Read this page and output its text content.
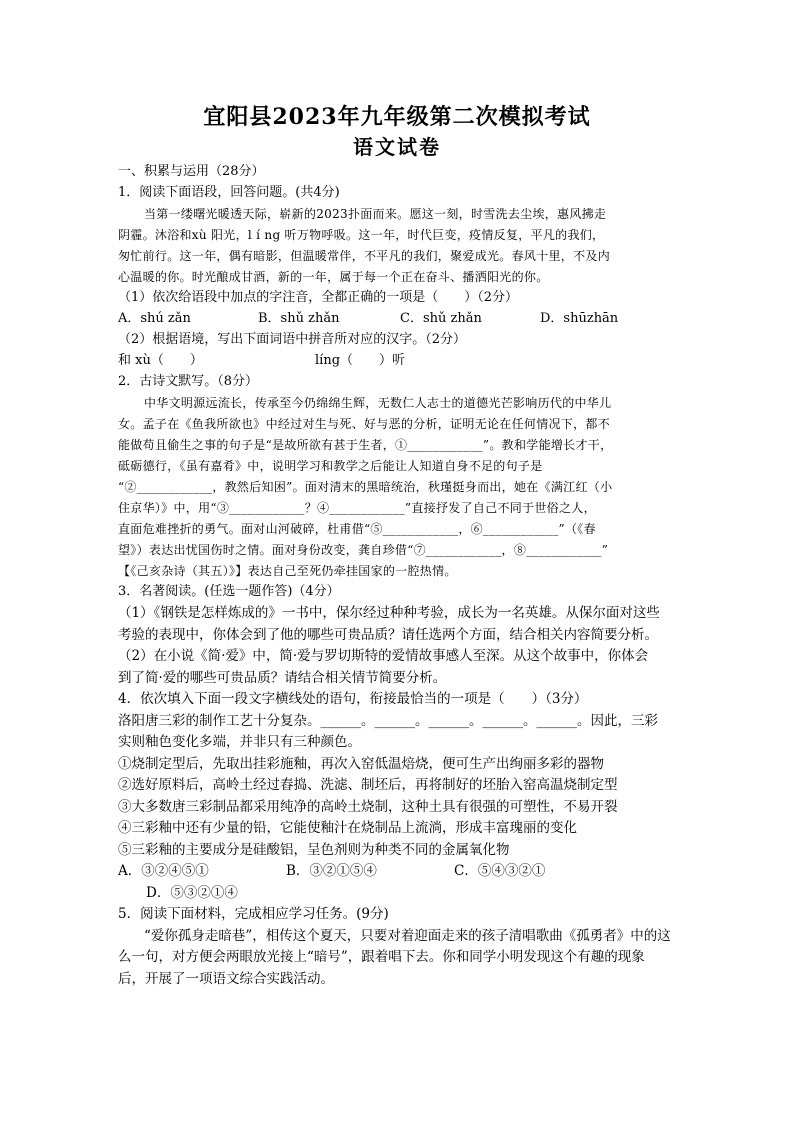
宜阳县2023年九年级第二次模拟考试
语文试卷
一、积累与运用（28分）
1．阅读下面语段，回答问题。(共4分)
当第一缕曙光暖透天际，崭新的2023扑面而来。愿这一刻，时雪洗去尘埃，惠风拂走
阴霾。沐浴和xù 阳光，l í ng 听万物呼吸。这一年，时代巨变，疫情反复，平凡的我们，
匆忙前行。这一年，偶有暗影，但温暖常伴，不平凡的我们，聚爱成光。春风十里，不及内
心温暖的你。时光酿成甘酒，新的一年，属于每一个正在奋斗、播洒阳光的你。
（1）依次给语段中加点的字注音，全都正确的一项是（　　）（2分）
A．shú zǎn	B．shǔ zhǎn	C．shǔ zhǎn	D．shūzhān
（2）根据语境，写出下面词语中拼音所对应的汉字。（2分）
和 xù（　　）	líng（　　）听
2．古诗文默写。（8分）
中华文明源远流长，传承至今仍绵绵生辉，无数仁人志士的道德光芒影响历代的中华儿
女。孟子在《鱼我所欲也》中经过对生与死、好与恶的分析，证明无论在任何情况下，都不
能做苟且偷生之事的句子是“是故所欲有甚于生者，①____________”。教和学能增长才干，
砥砺德行，《虽有嘉肴》中，说明学习和教学之后能让人知道自身不足的句子是
“②____________，教然后知困”。面对清末的黑暗统治，秋瑾挺身而出，她在《满江红（小
住京华）》中，用“③____________？④____________”直接抒发了自己不同于世俗之人，
直面危难挫折的勇气。面对山河破碎，杜甫借“⑤____________，⑥____________”（《春
望》）表达出忧国伤时之情。面对身份改变，龚自珍借“⑦____________，⑧____________”
【《己亥杂诗（其五）》】表达自己至死仍牵挂国家的一腔热情。
3．名著阅读。(任选一题作答)（4分）
（1）《钢铁是怎样炼成的》一书中，保尔经过种种考验，成长为一名英雄。从保尔面对这些
考验的表现中，你体会到了他的哪些可贵品质？请任选两个方面，结合相关内容简要分析。
（2）在小说《简·爱》中，简·爱与罗切斯特的爱情故事感人至深。从这个故事中，你体会
到了简·爱的哪些可贵品质？请结合相关情节简要分析。
4．依次填入下面一段文字横线处的语句，衔接最恰当的一项是（　　）（3分）
洛阳唐三彩的制作工艺十分复杂。______。______。______。______。______。因此，三彩
实则釉色变化多端，并非只有三种颜色。
①烧制定型后，先取出挂彩施釉，再次入窑低温焙烧，便可生产出绚丽多彩的器物
②选好原料后，高岭土经过舂捣、洗滤、制坯后，再将制好的坯胎入窑高温烧制定型
③大多数唐三彩制品都采用纯净的高岭土烧制，这种土具有很强的可塑性，不易开裂
④三彩釉中还有少量的铅，它能使釉汁在烧制品上流淌，形成丰富瑰丽的变化
⑤三彩釉的主要成分是硅酸铝，呈色剂则为种类不同的金属氧化物
A．③②④⑤①	B．③②①⑤④	C．⑤④③②①
D．⑤③②①④
5．阅读下面材料，完成相应学习任务。(9分)
“爱你孤身走暗巷”，相传这个夏天，只要对着迎面走来的孩子清唱歌曲《孤勇者》中的这
么一句，对方便会两眼放光接上“暗号”，跟着唱下去。你和同学小明发现这个有趣的现象
后，开展了一项语文综合实践活动。
